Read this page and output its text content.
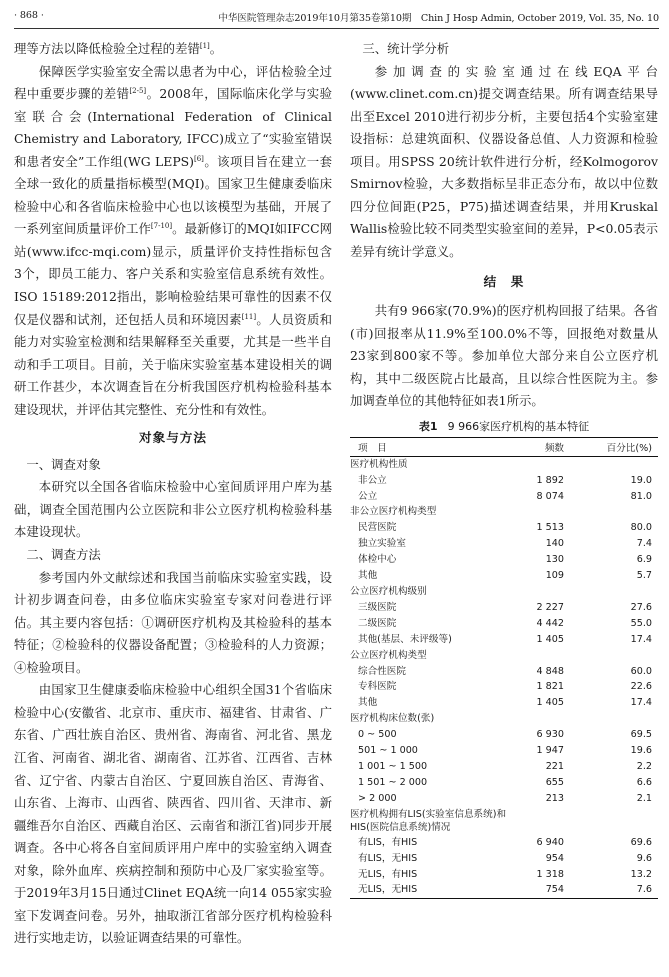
· 868 ·	中华医院管理杂志2019年10月第35卷第10期　Chin J Hosp Admin, October 2019, Vol. 35, No. 10

理等方法以降低检验全过程的差错[1]。

保障医学实验室安全需以患者为中心，评估检验全过程中重要步骤的差错[2-5]。2008年，国际临床化学与实验室联合会(International Federation of Clinical Chemistry and Laboratory, IFCC)成立了“实验室错误和患者安全”工作组(WG LEPS)[6]。该项目旨在建立一套全球一致化的质量指标模型(MQI)。国家卫生健康委临床检验中心和各省临床检验中心也以该模型为基础，开展了一系列室间质量评价工作[7-10]。最新修订的MQI如IFCC网站(www.ifcc-mqi.com)显示，质量评价支持性指标包含3个，即员工能力、客户关系和实验室信息系统有效性。ISO 15189:2012指出，影响检验结果可靠性的因素不仅仅是仪器和试剂，还包括人员和环境因素[11]。人员资质和能力对实验室检测和结果解释至关重要，尤其是一些半自动和手工项目。目前，关于临床实验室基本建设相关的调研工作甚少，本次调查旨在分析我国医疗机构检验科基本建设现状，并评估其完整性、充分性和有效性。

对象与方法

一、调查对象

本研究以全国各省临床检验中心室间质评用户库为基础，调查全国范围内公立医院和非公立医疗机构检验科基本建设现状。

二、调查方法

参考国内外文献综述和我国当前临床实验室实践，设计初步调查问卷，由多位临床实验室专家对问卷进行评估。其主要内容包括：①调研医疗机构及其检验科的基本特征；②检验科的仪器设备配置；③检验科的人力资源；④检验项目。

由国家卫生健康委临床检验中心组织全国31个省临床检验中心(安徽省、北京市、重庆市、福建省、甘肃省、广东省、广西壮族自治区、贵州省、海南省、河北省、黑龙江省、河南省、湖北省、湖南省、江苏省、江西省、吉林省、辽宁省、内蒙古自治区、宁夏回族自治区、青海省、山东省、上海市、山西省、陕西省、四川省、天津市、新疆维吾尔自治区、西藏自治区、云南省和浙江省)同步开展调查。各中心将各自室间质评用户库中的实验室纳入调查对象，除外血库、疾病控制和预防中心及厂家实验室等。于2019年3月15日通过Clinet EQA统一向14 055家实验室下发调查问卷。另外，抽取浙江省部分医疗机构检验科进行实地走访，以验证调查结果的可靠性。

三、统计学分析

参加调查的实验室通过在线EQA平台(www.clinet.com.cn)提交调查结果。所有调查结果导出至Excel 2010进行初步分析，主要包括4个实验室建设指标：总建筑面积、仪器设备总值、人力资源和检验项目。用SPSS 20统计软件进行分析，经Kolmogorov Smirnov检验，大多数指标呈非正态分布，故以中位数四分位间距(P25，P75)描述调查结果，并用Kruskal Wallis检验比较不同类型实验室间的差异，P<0.05表示差异有统计学意义。

结　果

共有9 966家(70.9%)的医疗机构回报了结果。各省(市)回报率从11.9%至100.0%不等，回报绝对数量从23家到800家不等。参加单位大部分来自公立医疗机构，其中二级医院占比最高，且以综合性医院为主。参加调查单位的其他特征如表1所示。

表1 9 966家医疗机构的基本特征
项　目	频数	百分比(%)
医疗机构性质		
非公立	1 892	19.0
公立	8 074	81.0
非公立医疗机构类型		
民营医院	1 513	80.0
独立实验室	140	7.4
体检中心	130	6.9
其他	109	5.7
公立医疗机构级别		
三级医院	2 227	27.6
二级医院	4 442	55.0
其他(基层、未评级等)	1 405	17.4
公立医疗机构类型		
综合性医院	4 848	60.0
专科医院	1 821	22.6
其他	1 405	17.4
医疗机构床位数(张)		
0 ~ 500	6 930	69.5
501 ~ 1 000	1 947	19.6
1 001 ~ 1 500	221	2.2
1 501 ~ 2 000	655	6.6
> 2 000	213	2.1
医疗机构拥有LIS(实验室信息系统)和HIS(医院信息系统)情况		
有LIS，有HIS	6 940	69.6
有LIS，无HIS	954	9.6
无LIS，有HIS	1 318	13.2
无LIS，无HIS	754	7.6
